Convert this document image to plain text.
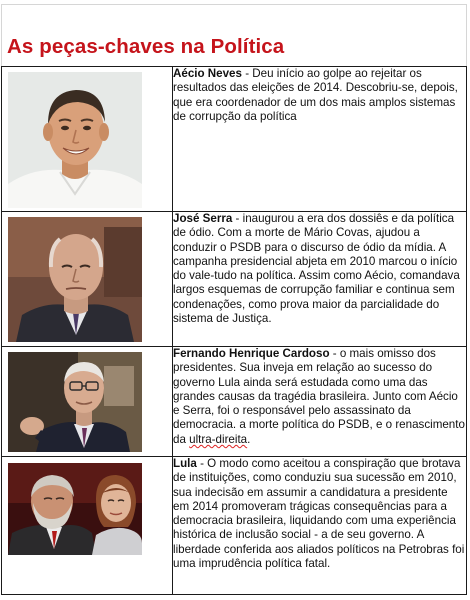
As peças-chaves na Política

Aécio Neves - Deu início ao golpe ao rejeitar os resultados das eleições de 2014. Descobriu-se, depois, que era coordenador de um dos mais amplos sistemas de corrupção da política

José Serra - inaugurou a era dos dossiês e da política de ódio. Com a morte de Mário Covas, ajudou a conduzir o PSDB para o discurso de ódio da mídia. A campanha presidencial abjeta em 2010 marcou o início do vale-tudo na política. Assim como Aécio, comandava largos esquemas de corrupção familiar e continua sem condenações, como prova maior da parcialidade do sistema de Justiça.

Fernando Henrique Cardoso - o mais omisso dos presidentes. Sua inveja em relação ao sucesso do governo Lula ainda será estudada como uma das grandes causas da tragédia brasileira. Junto com Aécio e Serra, foi o responsável pelo assassinato da democracia. a morte política do PSDB, e o renascimento da ultra-direita.

Lula - O modo como aceitou a conspiração que brotava de instituições, como conduziu sua sucessão em 2010, sua indecisão em assumir a candidatura a presidente em 2014 promoveram trágicas consequências para a democracia brasileira, liquidando com uma experiência histórica de inclusão social - a de seu governo. A liberdade conferida aos aliados políticos na Petrobras foi uma imprudência política fatal.
